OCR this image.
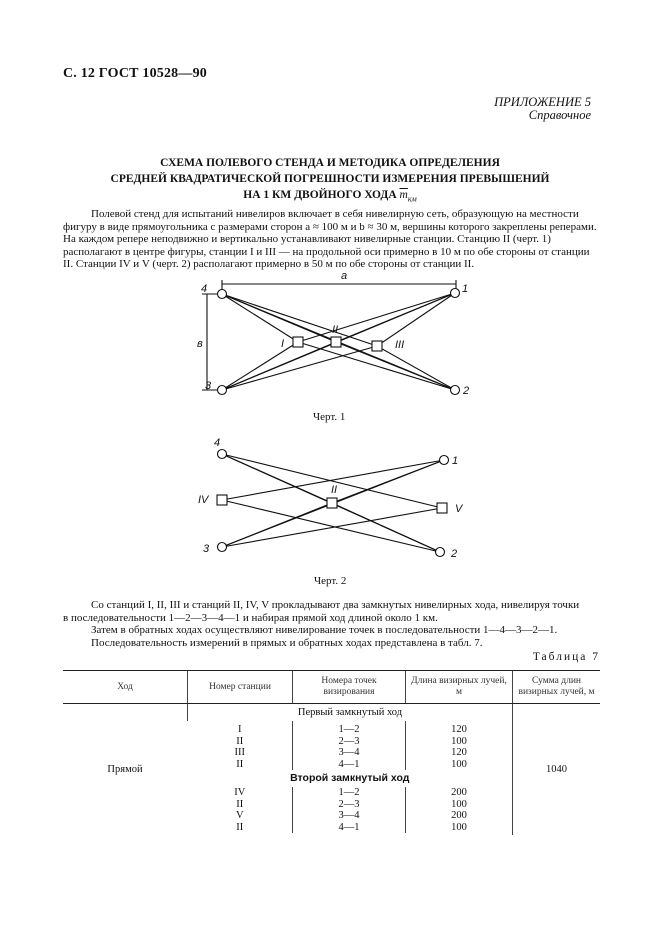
С. 12 ГОСТ 10528—90
ПРИЛОЖЕНИЕ 5
Справочное
СХЕМА ПОЛЕВОГО СТЕНДА И МЕТОДИКА ОПРЕДЕЛЕНИЯ
СРЕДНЕЙ КВАДРАТИЧЕСКОЙ ПОГРЕШНОСТИ ИЗМЕРЕНИЯ ПРЕВЫШЕНИЙ
НА 1 КМ ДВОЙНОГО ХОДА $\overline{m}_{км}$
Полевой стенд для испытаний нивелиров включает в себя нивелирную сеть, образующую на местности
фигуру в виде прямоугольника с размерами сторон a ≈ 100 м и b ≈ 30 м, вершины которого закреплены реперами.
На каждом репере неподвижно и вертикально устанавливают нивелирные станции. Станцию II (черт. 1)
располагают в центре фигуры, станции I и III — на продольной оси примерно в 10 м по обе стороны от станции
II. Станции IV и V (черт. 2) располагают примерно в 50 м по обе стороны от станции II.
a
в
4	1
3	2
I
II
III
4
1
3	2
IV
II
V
Черт. 1
Черт. 2
Со станций I, II, III и станций II, IV, V прокладывают два замкнутых нивелирных хода, нивелируя точки
в последовательности 1—2—3—4—1 и набирая прямой ход длиной около 1 км.
Затем в обратных ходах осуществляют нивелирование точек в последовательности 1—4—3—2—1.
Последовательность измерений в прямых и обратных ходах представлена в табл. 7.
Таблица 7
Ход	Номер станции	Номера точек визирования	Длина визирных лучей, м	Сумма длин визирных лучей, м
Прямой	Первый замкнутый ход			1040
	I	1—2	120	
	II	2—3	100	
	III	3—4	120	
	II	4—1	100	
	Второй замкнутый ход			
	IV	1—2	200	
	II	2—3	100	
	V	3—4	200	
	II	4—1	100	
